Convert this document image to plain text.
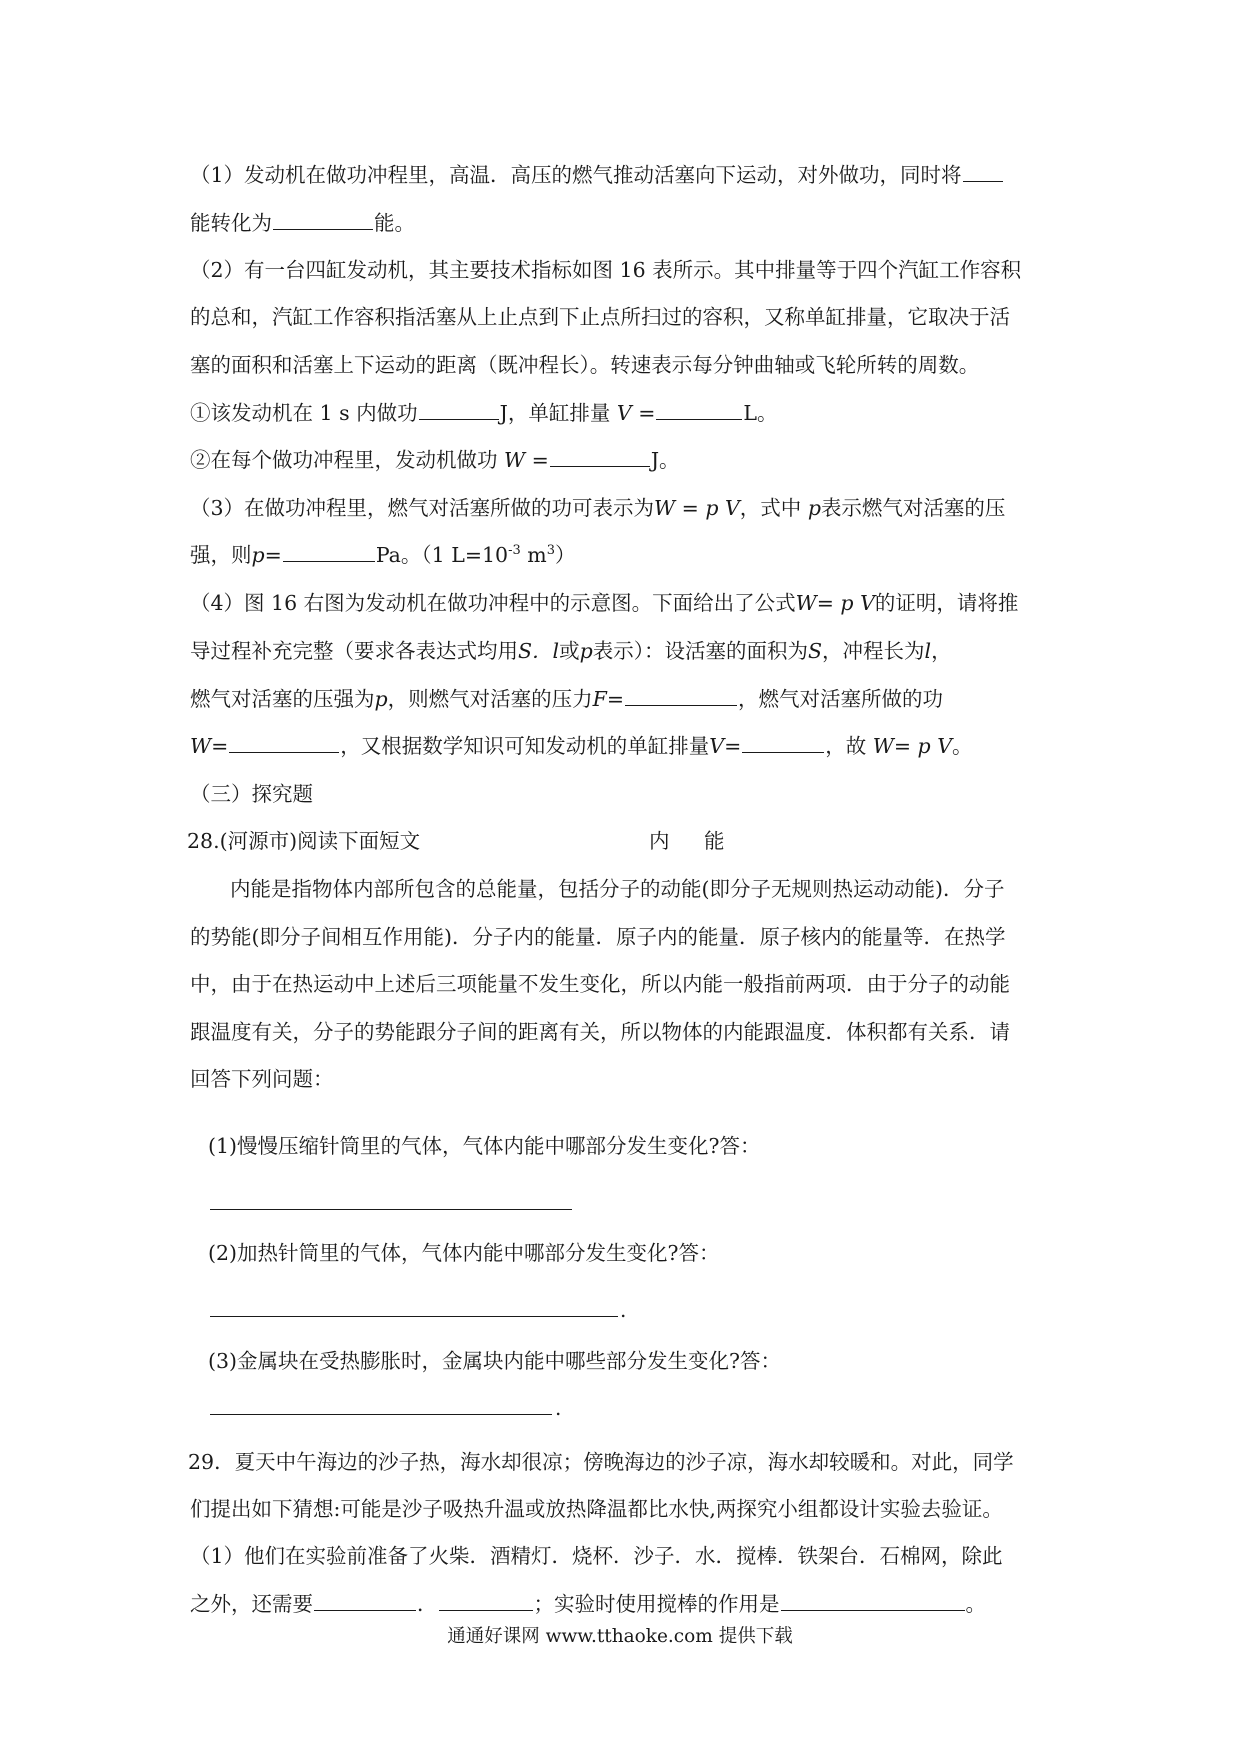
（1）发动机在做功冲程里，高温．高压的燃气推动活塞向下运动，对外做功，同时将
能转化为	能。
（2）有一台四缸发动机，其主要技术指标如图 16 表所示。其中排量等于四个汽缸工作容积
的总和，汽缸工作容积指活塞从上止点到下止点所扫过的容积，又称单缸排量，它取决于活
塞的面积和活塞上下运动的距离（既冲程长）。转速表示每分钟曲轴或飞轮所转的周数。
①该发动机在 1 s 内做功	J，单缸排量 V =	L。
②在每个做功冲程里，发动机做功 W =	J。
（3）在做功冲程里，燃气对活塞所做的功可表示为W = p V，式中 p表示燃气对活塞的压
强，则p=	Pa。（1 $L=10^{-3}$ $m^3$）
（4）图 16 右图为发动机在做功冲程中的示意图。下面给出了公式W= p V的证明，请将推
导过程补充完整（要求各表达式均用S．l或p表示）：设活塞的面积为S，冲程长为l，
燃气对活塞的压强为p，则燃气对活塞的压力F=	，燃气对活塞所做的功
W=	，又根据数学知识可知发动机的单缸排量V=	，故 W= p V。
（三）探究题
28.(河源市)阅读下面短文	内 能
内能是指物体内部所包含的总能量，包括分子的动能(即分子无规则热运动动能)．分子
的势能(即分子间相互作用能)．分子内的能量．原子内的能量．原子核内的能量等．在热学
中，由于在热运动中上述后三项能量不发生变化，所以内能一般指前两项．由于分子的动能
跟温度有关，分子的势能跟分子间的距离有关，所以物体的内能跟温度．体积都有关系．请
回答下列问题：
(1)慢慢压缩针筒里的气体，气体内能中哪部分发生变化?答：
(2)加热针筒里的气体，气体内能中哪部分发生变化?答：
.
(3)金属块在受热膨胀时，金属块内能中哪些部分发生变化?答：
.
29．夏天中午海边的沙子热，海水却很凉；傍晚海边的沙子凉，海水却较暖和。对此，同学
们提出如下猜想:可能是沙子吸热升温或放热降温都比水快,两探究小组都设计实验去验证。
（1）他们在实验前准备了火柴．酒精灯．烧杯．沙子．水．搅棒．铁架台．石棉网，除此
之外，还需要	．	；实验时使用搅棒的作用是	。
通通好课网 www.tthaoke.com 提供下载
